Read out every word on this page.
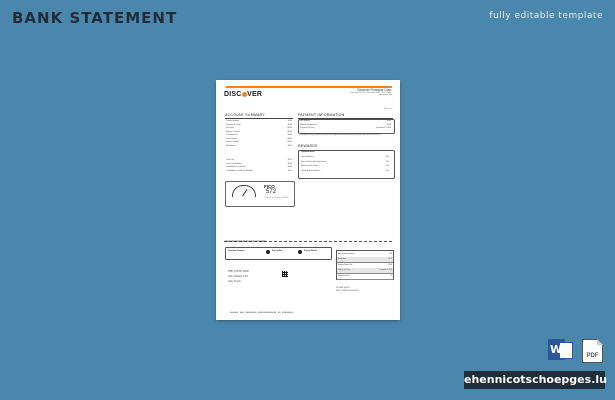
BANK STATEMENT	fully editable template
DISC VER
Discover Financial Corp.
Bank Street No. 123 · Postal Code 00-000 · City, Country · www.example.com
Page 1 of 4
ACCOUNT SUMMARY
Previous Balance	$0.00
Payments & Credits	-$0.00
Purchases	+$0.00
Balance Transfers	+$0.00
Cash Advances	+$0.00
Fees Charged	+$0.00
Interest Charged	+$0.00
New Balance	$0.00
Credit Line	$0.00
Credit Line Available	$0.00
Cash Advance Credit Line	$0.00
Cash Advance Credit Line Available	$0.00
PAYMENT INFORMATION
New Balance	$0.00
Minimum Payment Due	$0.00
Payment Due Date	December 13, 2023
Late Payment Warning: If we do not receive your minimum payment by the date listed above, you may have to pay a late fee of up to $00.00.
REWARDS
Cashback Bonus
Opening Balance	0.00
New Cashback Bonus this Period	0.00
Redeemed this Period	0.00
Cashback Bonus Balance	0.00
FICO
572
Your FICO® Credit Score as of 00/00/0000
DETACH AND RETURN THIS PORTION WITH YOUR PAYMENT
Payment Coupon	Pay Online	Pay by Phone
MR. JOHN DOE
Any Street 123
Any Town
Account Number ending in	0000
New Balance	$0.00
Minimum Payment Due	$0.00
Payment Due Date	December 13, 2023
Amount Enclosed	$
PO BOX 00000
CITY, STATE 00000-0000
000000 000 00000000 0000000000000 00 00000000
W	PDF
ehennicotschoepges.lu
